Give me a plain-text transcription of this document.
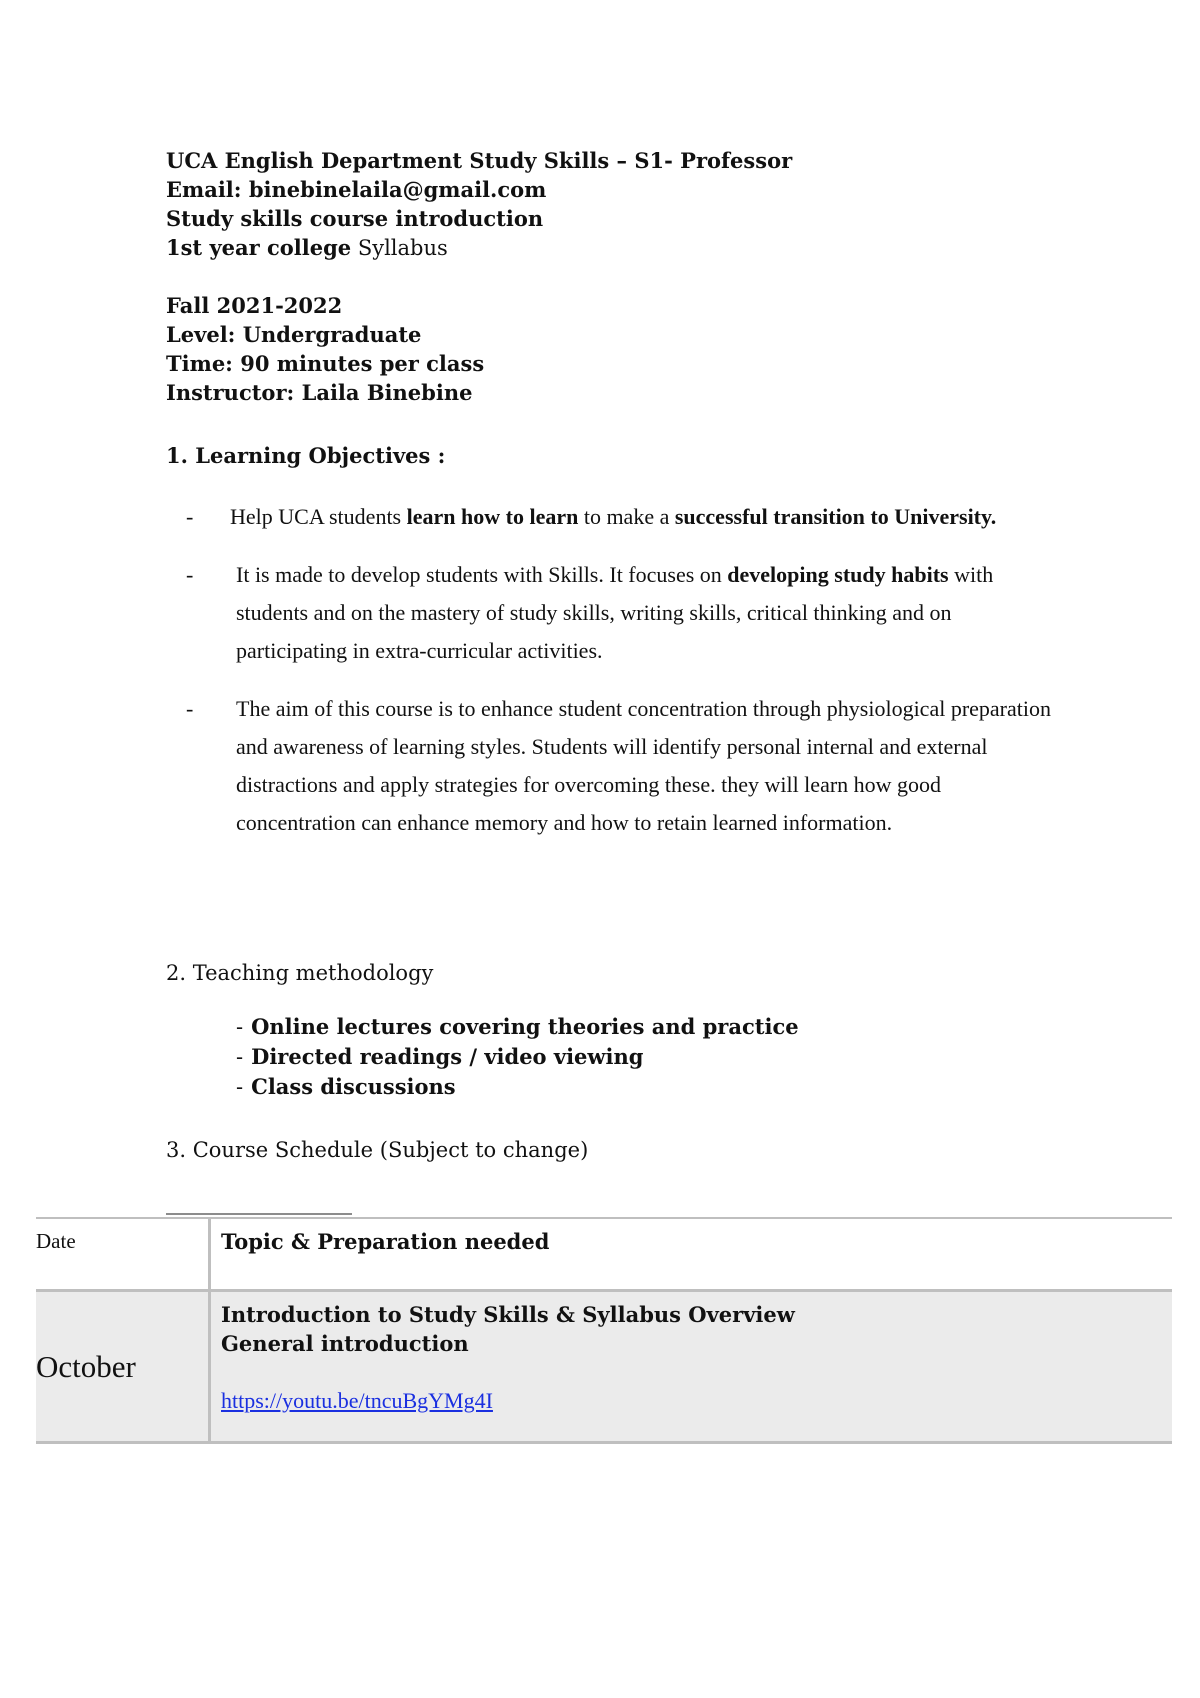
UCA English Department Study Skills – S1- Professor
Email: binebinelaila@gmail.com
Study skills course introduction
1st year college Syllabus
Fall 2021-2022
Level: Undergraduate
Time: 90 minutes per class
Instructor: Laila Binebine
1. Learning Objectives :
- Help UCA students learn how to learn to make a successful transition to University.
- It is made to develop students with Skills. It focuses on developing study habits with students and on the mastery of study skills, writing skills, critical thinking and on participating in extra-curricular activities.
- The aim of this course is to enhance student concentration through physiological preparation and awareness of learning styles. Students will identify personal internal and external distractions and apply strategies for overcoming these. they will learn how good concentration can enhance memory and how to retain learned information.
2. Teaching methodology
- Online lectures covering theories and practice
- Directed readings / video viewing
- Class discussions
3. Course Schedule (Subject to change)
Date	Topic & Preparation needed
October	Introduction to Study Skills & Syllabus Overview
General introduction
https://youtu.be/tncuBgYMg4I
